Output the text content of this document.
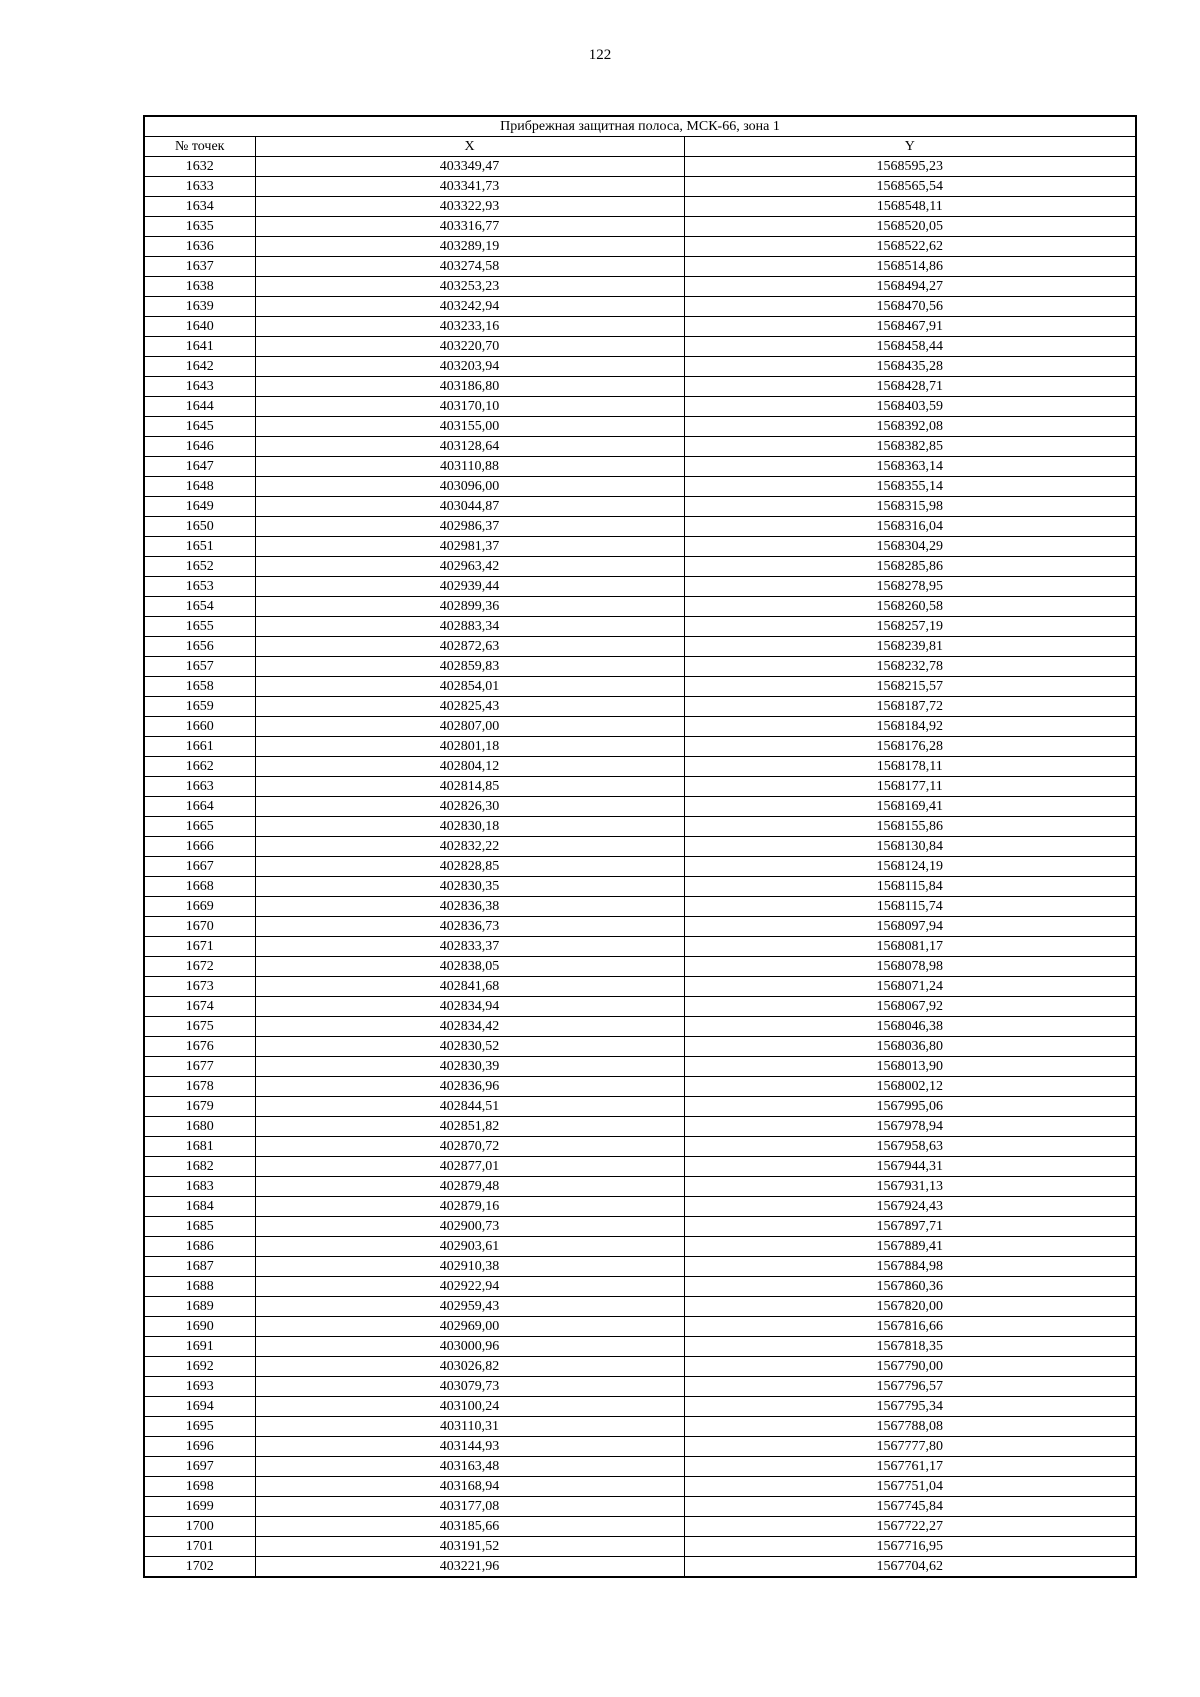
122
Прибрежная защитная полоса, МСК-66, зона 1		
№ точек	X	Y
1632	403349,47	1568595,23
1633	403341,73	1568565,54
1634	403322,93	1568548,11
1635	403316,77	1568520,05
1636	403289,19	1568522,62
1637	403274,58	1568514,86
1638	403253,23	1568494,27
1639	403242,94	1568470,56
1640	403233,16	1568467,91
1641	403220,70	1568458,44
1642	403203,94	1568435,28
1643	403186,80	1568428,71
1644	403170,10	1568403,59
1645	403155,00	1568392,08
1646	403128,64	1568382,85
1647	403110,88	1568363,14
1648	403096,00	1568355,14
1649	403044,87	1568315,98
1650	402986,37	1568316,04
1651	402981,37	1568304,29
1652	402963,42	1568285,86
1653	402939,44	1568278,95
1654	402899,36	1568260,58
1655	402883,34	1568257,19
1656	402872,63	1568239,81
1657	402859,83	1568232,78
1658	402854,01	1568215,57
1659	402825,43	1568187,72
1660	402807,00	1568184,92
1661	402801,18	1568176,28
1662	402804,12	1568178,11
1663	402814,85	1568177,11
1664	402826,30	1568169,41
1665	402830,18	1568155,86
1666	402832,22	1568130,84
1667	402828,85	1568124,19
1668	402830,35	1568115,84
1669	402836,38	1568115,74
1670	402836,73	1568097,94
1671	402833,37	1568081,17
1672	402838,05	1568078,98
1673	402841,68	1568071,24
1674	402834,94	1568067,92
1675	402834,42	1568046,38
1676	402830,52	1568036,80
1677	402830,39	1568013,90
1678	402836,96	1568002,12
1679	402844,51	1567995,06
1680	402851,82	1567978,94
1681	402870,72	1567958,63
1682	402877,01	1567944,31
1683	402879,48	1567931,13
1684	402879,16	1567924,43
1685	402900,73	1567897,71
1686	402903,61	1567889,41
1687	402910,38	1567884,98
1688	402922,94	1567860,36
1689	402959,43	1567820,00
1690	402969,00	1567816,66
1691	403000,96	1567818,35
1692	403026,82	1567790,00
1693	403079,73	1567796,57
1694	403100,24	1567795,34
1695	403110,31	1567788,08
1696	403144,93	1567777,80
1697	403163,48	1567761,17
1698	403168,94	1567751,04
1699	403177,08	1567745,84
1700	403185,66	1567722,27
1701	403191,52	1567716,95
1702	403221,96	1567704,62
